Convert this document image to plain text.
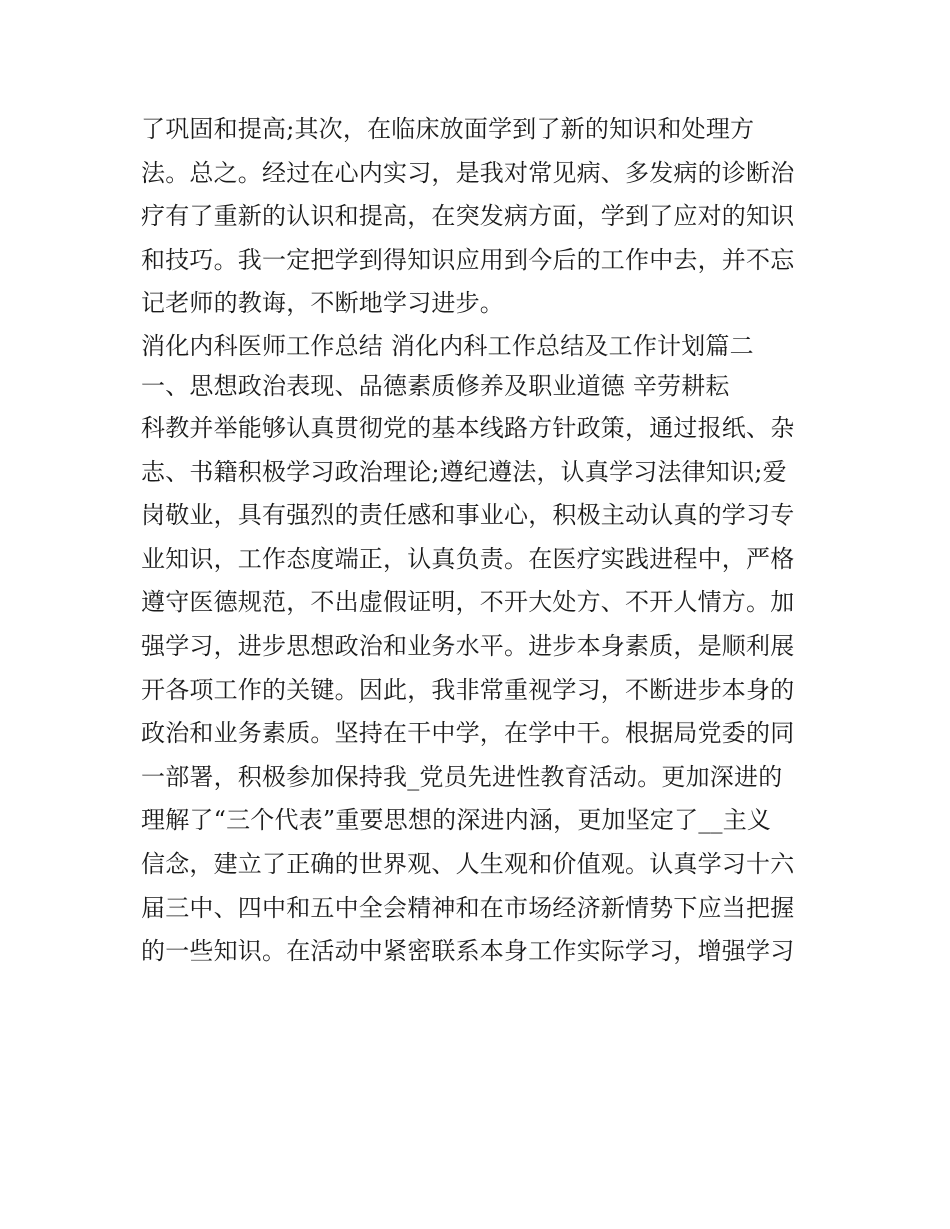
了巩固和提高;其次，在临床放面学到了新的知识和处理方
法。总之。经过在心内实习，是我对常见病、多发病的诊断治
疗有了重新的认识和提高，在突发病方面，学到了应对的知识
和技巧。我一定把学到得知识应用到今后的工作中去，并不忘
记老师的教诲，不断地学习进步。
消化内科医师工作总结 消化内科工作总结及工作计划篇二
一、思想政治表现、品德素质修养及职业道德 辛劳耕耘
科教并举能够认真贯彻党的基本线路方针政策，通过报纸、杂
志、书籍积极学习政治理论;遵纪遵法，认真学习法律知识;爱
岗敬业，具有强烈的责任感和事业心，积极主动认真的学习专
业知识，工作态度端正，认真负责。在医疗实践进程中，严格
遵守医德规范，不出虚假证明，不开大处方、不开人情方。加
强学习，进步思想政治和业务水平。进步本身素质，是顺利展
开各项工作的关键。因此，我非常重视学习，不断进步本身的
政治和业务素质。坚持在干中学，在学中干。根据局党委的同
一部署，积极参加保持我_党员先进性教育活动。更加深进的
理解了“三个代表”重要思想的深进内涵，更加坚定了__主义
信念，建立了正确的世界观、人生观和价值观。认真学习十六
届三中、四中和五中全会精神和在市场经济新情势下应当把握
的一些知识。在活动中紧密联系本身工作实际学习，增强学习
